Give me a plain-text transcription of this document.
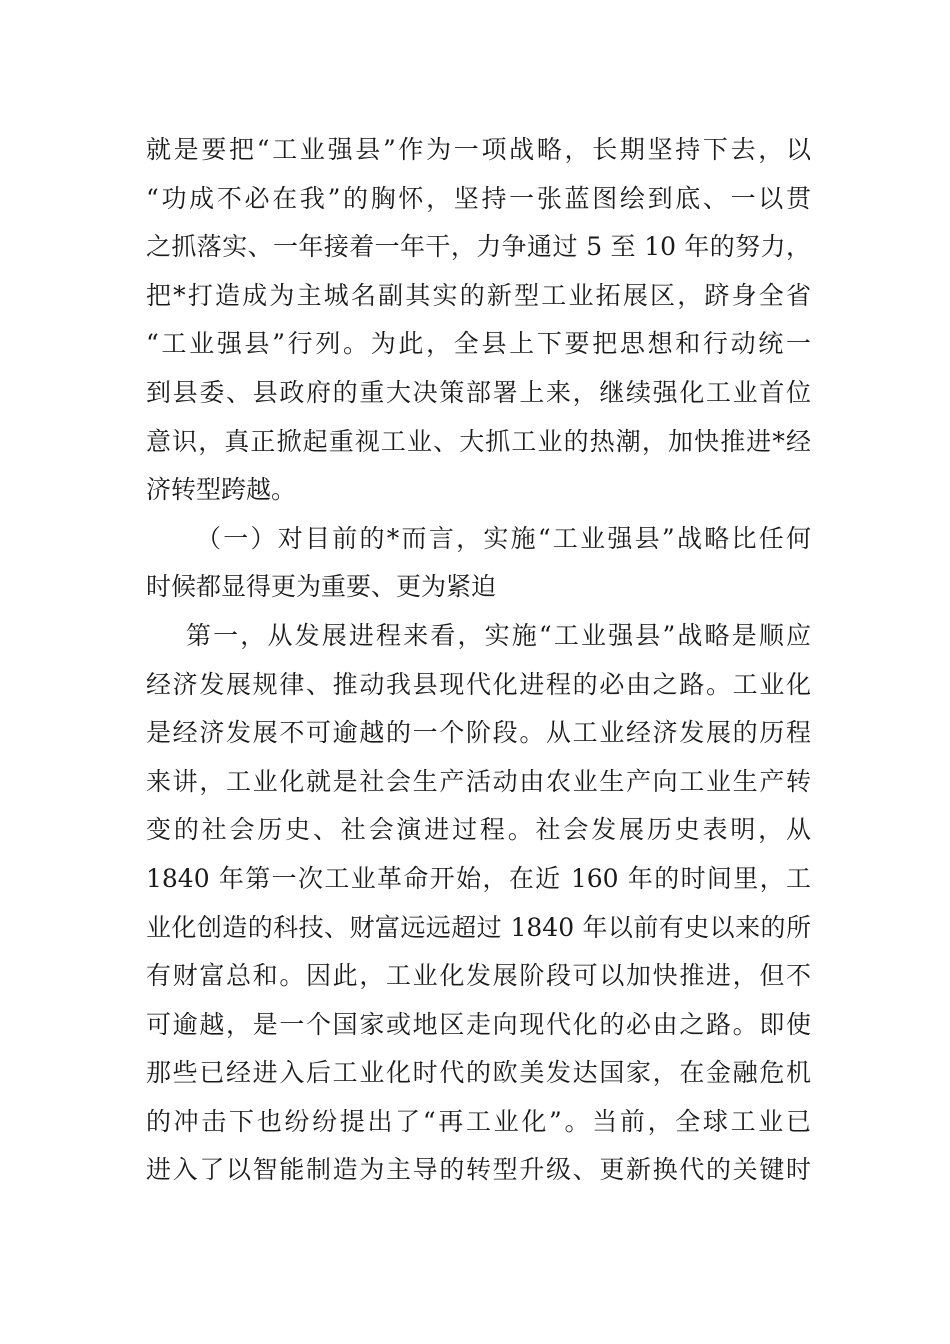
就是要把“工业强县”作为一项战略，长期坚持下去，以
“功成不必在我”的胸怀，坚持一张蓝图绘到底、一以贯
之抓落实、一年接着一年干，力争通过 5 至 10 年的努力，
把*打造成为主城名副其实的新型工业拓展区，跻身全省
“工业强县”行列。为此，全县上下要把思想和行动统一
到县委、县政府的重大决策部署上来，继续强化工业首位
意识，真正掀起重视工业、大抓工业的热潮，加快推进*经
济转型跨越。
（一）对目前的*而言，实施“工业强县”战略比任何
时候都显得更为重要、更为紧迫
第一，从发展进程来看，实施“工业强县”战略是顺应
经济发展规律、推动我县现代化进程的必由之路。工业化
是经济发展不可逾越的一个阶段。从工业经济发展的历程
来讲，工业化就是社会生产活动由农业生产向工业生产转
变的社会历史、社会演进过程。社会发展历史表明，从
1840 年第一次工业革命开始，在近 160 年的时间里，工
业化创造的科技、财富远远超过 1840 年以前有史以来的所
有财富总和。因此，工业化发展阶段可以加快推进，但不
可逾越，是一个国家或地区走向现代化的必由之路。即使
那些已经进入后工业化时代的欧美发达国家，在金融危机
的冲击下也纷纷提出了“再工业化”。当前，全球工业已
进入了以智能制造为主导的转型升级、更新换代的关键时
